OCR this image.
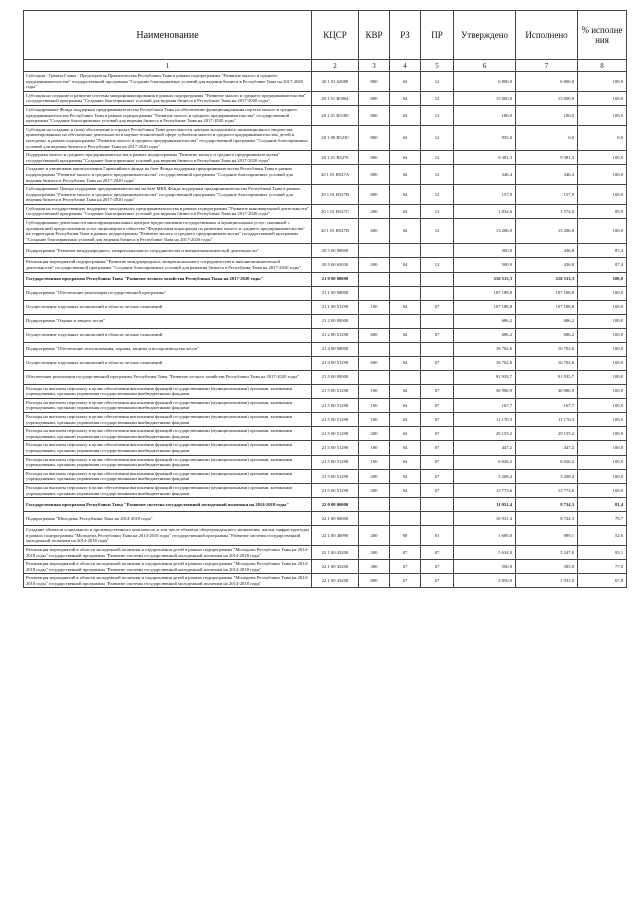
Наименование	КЦСР	КВР	РЗ	ПР	Утверждено	Исполнено	% исполне ния
1	2	3	4	5	6	7	8
Субсидия - Гранты Главы - Председателя Правительства Республики Тыва в рамках подпрограммы "Развитие малого и среднего предпринимательства" государственной программы "Создание благоприятных условий для ведения бизнеса в Республике Тыва на 2017-2020 годы"	20 1 01 62080	800	04	12	6 800,0	6 800,0	100,0
Субсидия на создание и развитие системы микрофинансирования в рамках подпрограммы "Развитие малого и среднего предпринимательства" государственной программы "Создание благоприятных условий для ведения бизнеса в Республике Тыва на 2017-2020 годы"	20 1 01 R5064	800	04	12	15 000,0	15 000,0	100,0
Субсидирование Фонда поддержки предпринимательства Республики Тыва на обеспечение функционирования портала малого и среднего предпринимательства Республики Тыва в рамках подпрограммы "Развитие малого и среднего предпринимательства" государственной программы "Создание благоприятных условий для ведения бизнеса в Республике Тыва на 2017-2020 годы"	20 1 01 R5180	800	04	12	180,0	180,0	100,0
Субсидии на создание и (или) обеспечение в городах Республики Тыва деятельности центров молодежного инновационного творчества, ориентированных на обеспечение деятельности в научно-технической сфере субъектов малого и среднего предпринимательства, детей и молодежи, в рамках подпрограммы "Развитие малого и среднего предпринимательства" государственной программы "Создание благоприятных условий для ведения бизнеса в Республике Тыва на 2017-2020 годы"	20 1 08 R5230	800	04	12	955,0	0,0	0,0
Поддержка малого и среднего предпринимательства в рамках подпрограммы "Развитие малого и среднего предпринимательства" государственной программы "Создание благоприятных условий для ведения бизнеса в Республике Тыва на 2017-2020 годы"	20 1 01 R5270	800	04	12	9 381,3	9 381,3	100,0
Создание и увеличение капитализации Гарантийного фонда на базе Фонда поддержки предпринимательства Республики Тыва в рамках подпрограммы "Развитие малого и среднего предпринимательства" государственной программы "Создание благоприятных условий для ведения бизнеса в Республике Тыва на 2017-2020 годы"	20 1 01 R527A	800	04	12	346,4	346,4	100,0
Субсидирование Центра поддержки предпринимательства на базе МКК Фонда поддержки предпринимательства Республики Тыва в рамках подпрограммы "Развитие малого и среднего предпринимательства" государственной программы "Создание благоприятных условий для ведения бизнеса в Республике Тыва на 2017-2020 годы"	20 1 01 R527B	800	04	12	157,9	157,9	100,0
Субсидия на государственную поддержку молодежного предпринимательства в рамках подпрограммы "Развитие инновационной деятельности" государственной программы "Создание благоприятных условий для ведения бизнеса в Республике Тыва на 2017-2020 годы"	20 1 01 R527C	200	04	12	1 832,6	1 574,0	85,9
Субсидирование деятельности многофункциональных центров предоставления государственных и муниципальных услуг, связанной с организацией предоставления услуг акционерного общества "Федеральная корпорация по развитию малого и среднего предпринимательства" на территории Республики Тыва в рамках подпрограммы "Развитие малого и среднего предпринимательства" государственной программы "Создание благоприятных условий для ведения бизнеса в Республике Тыва на 2017-2020 годы"	20 1 01 R527D	600	04	12	13 206,0	13 206,0	100,0
Подпрограмма "Развитие международного, межрегионального сотрудничества и внешнеэкономической деятельности"	20 5 00 00000				500,0	436,8	87,4
Реализация мероприятий подпрограммы "Развитие международного, межрегионального сотрудничества и внешнеэкономической деятельности" государственной программы "Создание благоприятных условий для развития бизнеса в Республике Тыва на 2017-2020 годы"	20 5 00 65030	200	04	12	500,0	436,8	87,4
Государственная программа Республики Тыва "Развитие лесного хозяйства Республики Тыва на 2017-2020 годы"	21 0 00 00000				216 513,3	216 513,3	100,0
Подпрограмма "Обеспечение реализации государственной программы"	21 1 00 00000				107 188,8	107 188,8	100,0
Осуществление отдельных полномочий в области лесных отношений	21 1 00 51290	100	04	07	107 188,8	107 188,8	100,0
Подпрограмма "Охрана и защита лесов"	21 2 00 00000				686,2	686,2	100,0
Осуществление отдельных полномочий в области лесных отношений	21 2 00 51290	600	04	07	686,2	686,2	100,0
Подпрограмма "Обеспечение использования, охраны, защиты и воспроизводства лесов"	21 4 00 00000				16 702,6	16 702,6	100,0
Осуществление отдельных полномочий в области лесных отношений	21 4 00 51290	600	04	07	16 702,6	16 702,6	100,0
Обеспечение реализации государственной программы Республики Тыва "Развитие лесного хозяйства Республики Тыва на 2017-2020 годы"	21 5 00 00000				91 935,7	91 935,7	100,0
Расходы на выплаты персоналу в целях обеспечения выполнения функций государственными (муниципальными) органами, казенными учреждениями, органами управления государственными внебюджетными фондами	21 5 00 51290	100	04	07	36 986,9	36 986,9	100,0
Расходы на выплаты персоналу в целях обеспечения выполнения функций государственными (муниципальными) органами, казенными учреждениями, органами управления государственными внебюджетными фондами	21 5 00 51290	100	04	07	167,7	167,7	100,0
Расходы на выплаты персоналу в целях обеспечения выполнения функций государственными (муниципальными) органами, казенными учреждениями, органами управления государственными внебюджетными фондами	21 5 00 51290	100	04	07	11 170,3	11 170,3	100,0
Расходы на выплаты персоналу в целях обеспечения выполнения функций государственными (муниципальными) органами, казенными учреждениями, органами управления государственными внебюджетными фондами	21 5 00 51290	200	04	07	29 155,2	29 155,2	100,0
Расходы на выплаты персоналу в целях обеспечения выполнения функций государственными (муниципальными) органами, казенными учреждениями, органами управления государственными внебюджетными фондами	21 5 00 51290	100	04	07	447,2	447,2	100,0
Расходы на выплаты персоналу в целях обеспечения выполнения функций государственными (муниципальными) органами, казенными учреждениями, органами управления государственными внебюджетными фондами	21 5 00 51290	100	04	07	6 026,2	6 026,2	100,0
Расходы на выплаты персоналу в целях обеспечения выполнения функций государственными (муниципальными) органами, казенными учреждениями, органами управления государственными внебюджетными фондами	21 5 00 51290	200	04	07	3 208,4	3 208,4	100,0
Расходы на выплаты персоналу в целях обеспечения выполнения функций государственными (муниципальными) органами, казенными учреждениями, органами управления государственными внебюджетными фондами	21 5 00 51290	200	04	07	13 773,6	13 773,6	100,0
Государственная программа Республики Тыва "Развитие системы государственной молодежной политики на 2014-2018 годы"	22 0 00 00000				11 951,4	9 734,3	81,4
Подпрограмма "Молодежь Республики Тыва на 2014-2018 годы"	22 1 00 00000				10 931,4	8 724,3	79,7
Создание объектов социального и производственного комплексов, в том числе объектов общегражданского назначения, жилья, инфраструктуры в рамках подпрограммы "Молодежь Республики Тыва на 2014-2018 годы" государственной программы "Развитие системы государственной молодежной политики на 2014-2018 годы"	22 1 00 40090	200	08	01	1 689,0	889,1	52,6
Реализация мероприятий в области молодежной политики и оздоровления детей в рамках подпрограммы "Молодежь Республики Тыва на 2014-2018 годы" государственной программы "Развитие системы государственной молодежной политики на 2014-2018 годы"	22 1 00 43200	200	07	07	5 634,0	5 247,0	93,1
Реализация мероприятий в области молодежной политики и оздоровления детей в рамках подпрограммы "Молодежь Республики Тыва на 2014-2018 годы" государственной программы "Развитие системы государственной молодежной политики на 2014-2018 годы"	22 1 00 43200	300	07	07	500,0	385,0	77,0
Реализация мероприятий в области молодежной политики и оздоровления детей в рамках подпрограммы "Молодежь Республики Тыва на 2014-2018 годы" государственной программы "Развитие системы государственной молодежной политики на 2014-2018 годы"	22 1 00 43200	800	07	07	2 850,0	1 931,0	67,8
